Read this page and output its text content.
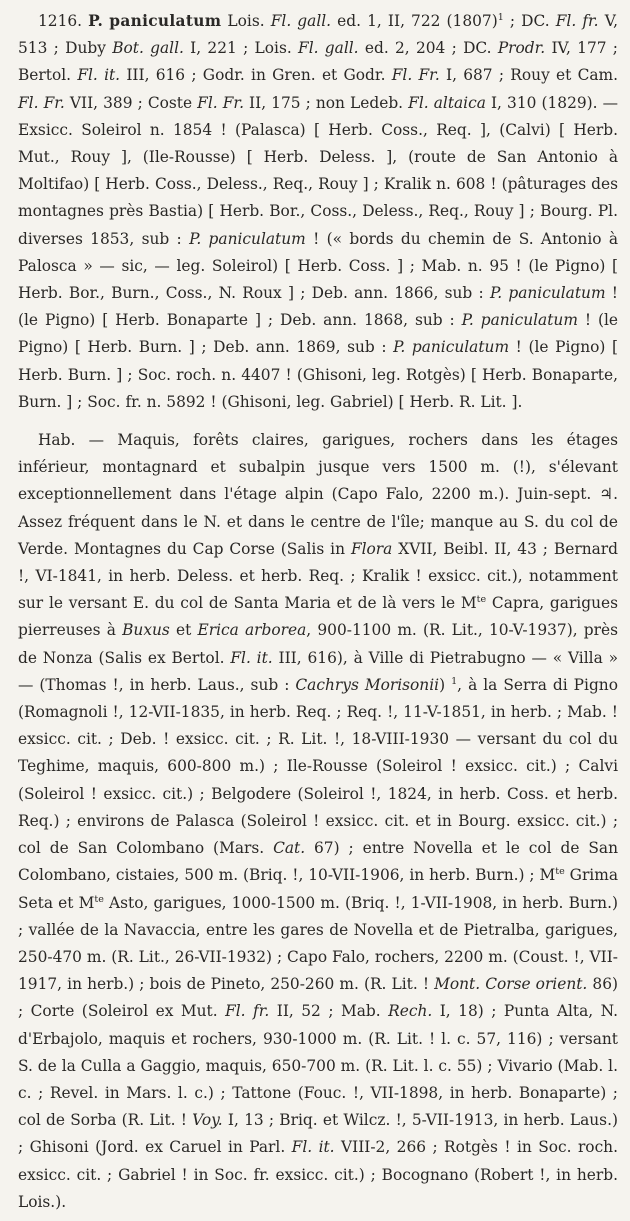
1216. P. paniculatum Lois. Fl. gall. ed. 1, II, 722 $(1807)^1$ ; DC. Fl. fr. V, 513 ; Duby Bot. gall. I, 221 ; Lois. Fl. gall. ed. 2, 204 ; DC. Prodr. IV, 177 ; Bertol. Fl. it. III, 616 ; Godr. in Gren. et Godr. Fl. Fr. I, 687 ; Rouy et Cam. Fl. Fr. VII, 389 ; Coste Fl. Fr. II, 175 ; non Ledeb. Fl. altaica I, 310 (1829). — Exsicc. Soleirol n. 1854 ! (Palasca) [ Herb. Coss., Req. ], (Calvi) [ Herb. Mut., Rouy ], (Ile-Rousse) [ Herb. Deless. ], (route de San Antonio à Moltifao) [ Herb. Coss., Deless., Req., Rouy ] ; Kralik n. 608 ! (pâturages des montagnes près Bastia) [ Herb. Bor., Coss., Deless., Req., Rouy ] ; Bourg. Pl. diverses 1853, sub : P. paniculatum ! (« bords du chemin de S. Antonio à Palosca » — sic, — leg. Soleirol) [ Herb. Coss. ] ; Mab. n. 95 ! (le Pigno) [ Herb. Bor., Burn., Coss., N. Roux ] ; Deb. ann. 1866, sub : P. paniculatum ! (le Pigno) [ Herb. Bonaparte ] ; Deb. ann. 1868, sub : P. paniculatum ! (le Pigno) [ Herb. Burn. ] ; Deb. ann. 1869, sub : P. paniculatum ! (le Pigno) [ Herb. Burn. ] ; Soc. roch. n. 4407 ! (Ghisoni, leg. Rotgès) [ Herb. Bonaparte, Burn. ] ; Soc. fr. n. 5892 ! (Ghisoni, leg. Gabriel) [ Herb. R. Lit. ].

Hab. — Maquis, forêts claires, garigues, rochers dans les étages inférieur, montagnard et subalpin jusque vers 1500 m. (!), s'élevant exceptionnellement dans l'étage alpin (Capo Falo, 2200 m.). Juin-sept. ♃. Assez fréquent dans le N. et dans le centre de l'île; manque au S. du col de Verde. Montagnes du Cap Corse (Salis in Flora XVII, Beibl. II, 43 ; Bernard !, VI-1841, in herb. Deless. et herb. Req. ; Kralik ! exsicc. cit.), notamment sur le versant E. du col de Santa Maria et de là vers le $M^{te}$ Capra, garigues pierreuses à Buxus et Erica arborea, 900-1100 m. (R. Lit., 10-V-1937), près de Nonza (Salis ex Bertol. Fl. it. III, 616), à Ville di Pietrabugno — « Villa » — (Thomas !, in herb. Laus., sub : Cachrys Morisonii) $^1$, à la Serra di Pigno (Romagnoli !, 12-VII-1835, in herb. Req. ; Req. !, 11-V-1851, in herb. ; Mab. ! exsicc. cit. ; Deb. ! exsicc. cit. ; R. Lit. !, 18-VIII-1930 — versant du col du Teghime, maquis, 600-800 m.) ; Ile-Rousse (Soleirol ! exsicc. cit.) ; Calvi (Soleirol ! exsicc. cit.) ; Belgodere (Soleirol !, 1824, in herb. Coss. et herb. Req.) ; environs de Palasca (Soleirol ! exsicc. cit. et in Bourg. exsicc. cit.) ; col de San Colombano (Mars. Cat. 67) ; entre Novella et le col de San Colombano, cistaies, 500 m. (Briq. !, 10-VII-1906, in herb. Burn.) ; $M^{te}$ Grima Seta et $M^{te}$ Asto, garigues, 1000-1500 m. (Briq. !, 1-VII-1908, in herb. Burn.) ; vallée de la Navaccia, entre les gares de Novella et de Pietralba, garigues, 250-470 m. (R. Lit., 26-VII-1932) ; Capo Falo, rochers, 2200 m. (Coust. !, VII-1917, in herb.) ; bois de Pineto, 250-260 m. (R. Lit. ! Mont. Corse orient. 86) ; Corte (Soleirol ex Mut. Fl. fr. II, 52 ; Mab. Rech. I, 18) ; Punta Alta, N. d'Erbajolo, maquis et rochers, 930-1000 m. (R. Lit. ! l. c. 57, 116) ; versant S. de la Culla a Gaggio, maquis, 650-700 m. (R. Lit. l. c. 55) ; Vivario (Mab. l. c. ; Revel. in Mars. l. c.) ; Tattone (Fouc. !, VII-1898, in herb. Bonaparte) ; col de Sorba (R. Lit. ! Voy. I, 13 ; Briq. et Wilcz. !, 5-VII-1913, in herb. Laus.) ; Ghisoni (Jord. ex Caruel in Parl. Fl. it. VIII-2, 266 ; Rotgès ! in Soc. roch. exsicc. cit. ; Gabriel ! in Soc. fr. exsicc. cit.) ; Bocognano (Robert !, in herb. Lois.).
